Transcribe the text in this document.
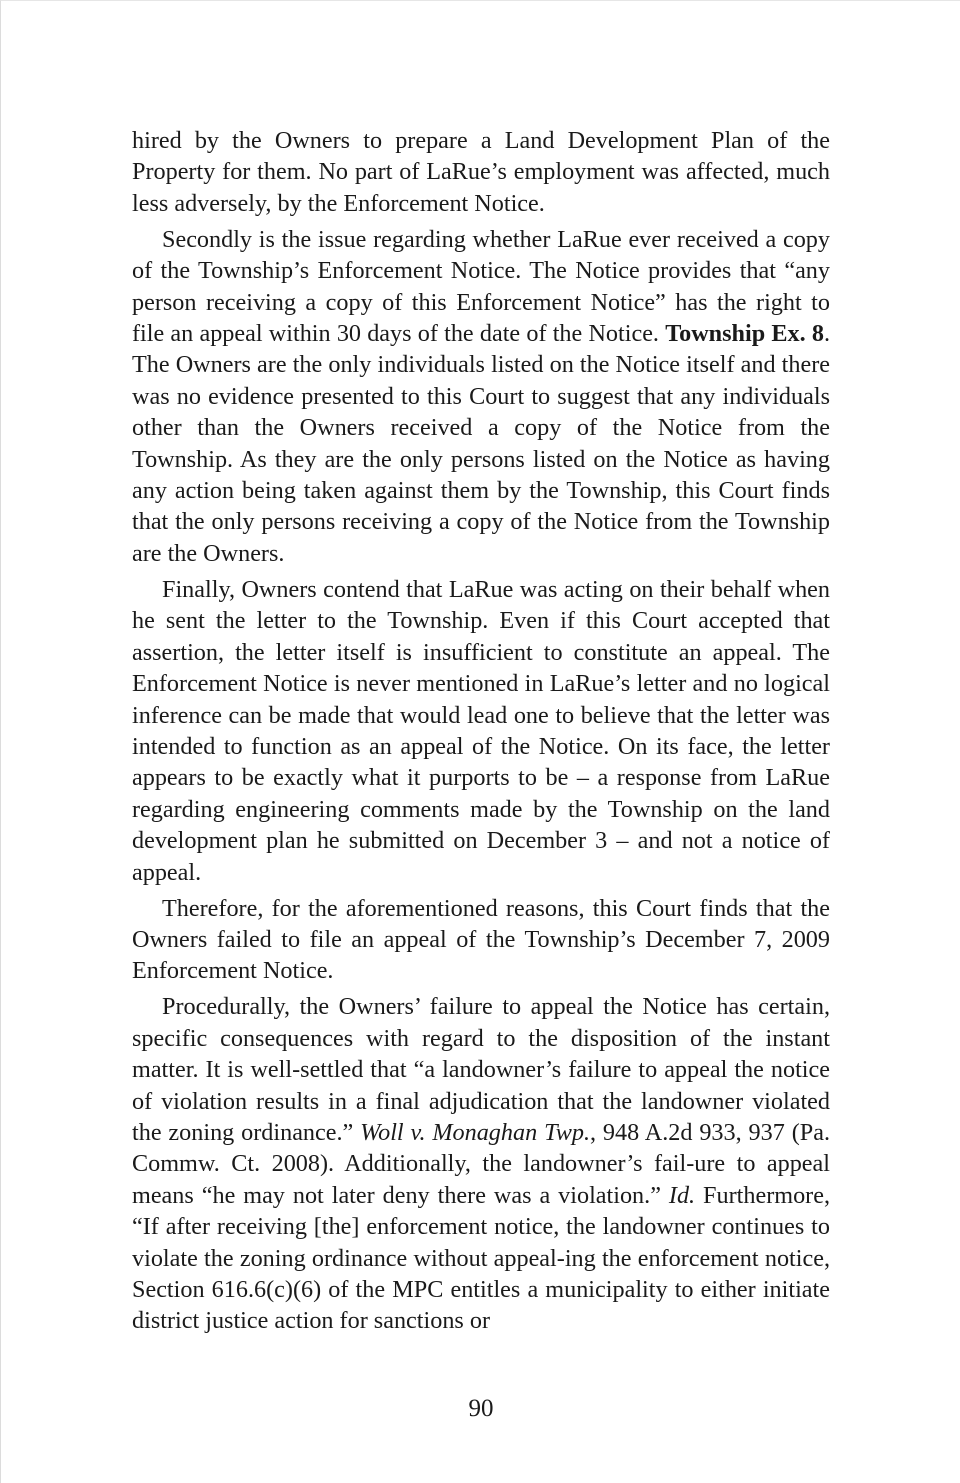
hired by the Owners to prepare a Land Development Plan of the Property for them. No part of LaRue’s employment was affected, much less adversely, by the Enforcement Notice.

Secondly is the issue regarding whether LaRue ever received a copy of the Township’s Enforcement Notice. The Notice provides that “any person receiving a copy of this Enforcement Notice” has the right to file an appeal within 30 days of the date of the Notice. Township Ex. 8. The Owners are the only individuals listed on the Notice itself and there was no evidence presented to this Court to suggest that any individuals other than the Owners received a copy of the Notice from the Township. As they are the only persons listed on the Notice as having any action being taken against them by the Township, this Court finds that the only persons receiving a copy of the Notice from the Township are the Owners.

Finally, Owners contend that LaRue was acting on their behalf when he sent the letter to the Township. Even if this Court accepted that assertion, the letter itself is insufficient to constitute an appeal. The Enforcement Notice is never mentioned in LaRue’s letter and no logical inference can be made that would lead one to believe that the letter was intended to function as an appeal of the Notice. On its face, the letter appears to be exactly what it purports to be – a response from LaRue regarding engineering comments made by the Township on the land development plan he submitted on December 3 – and not a notice of appeal.

Therefore, for the aforementioned reasons, this Court finds that the Owners failed to file an appeal of the Township’s December 7, 2009 Enforcement Notice.

Procedurally, the Owners’ failure to appeal the Notice has certain, specific consequences with regard to the disposition of the instant matter. It is well-settled that “a landowner’s failure to appeal the notice of violation results in a final adjudication that the landowner violated the zoning ordinance.” Woll v. Monaghan Twp., 948 A.2d 933, 937 (Pa. Commw. Ct. 2008). Additionally, the landowner’s fail-ure to appeal means “he may not later deny there was a violation.” Id. Furthermore, “If after receiving [the] enforcement notice, the landowner continues to violate the zoning ordinance without appeal-ing the enforcement notice, Section 616.6(c)(6) of the MPC entitles a municipality to either initiate district justice action for sanctions or

90
